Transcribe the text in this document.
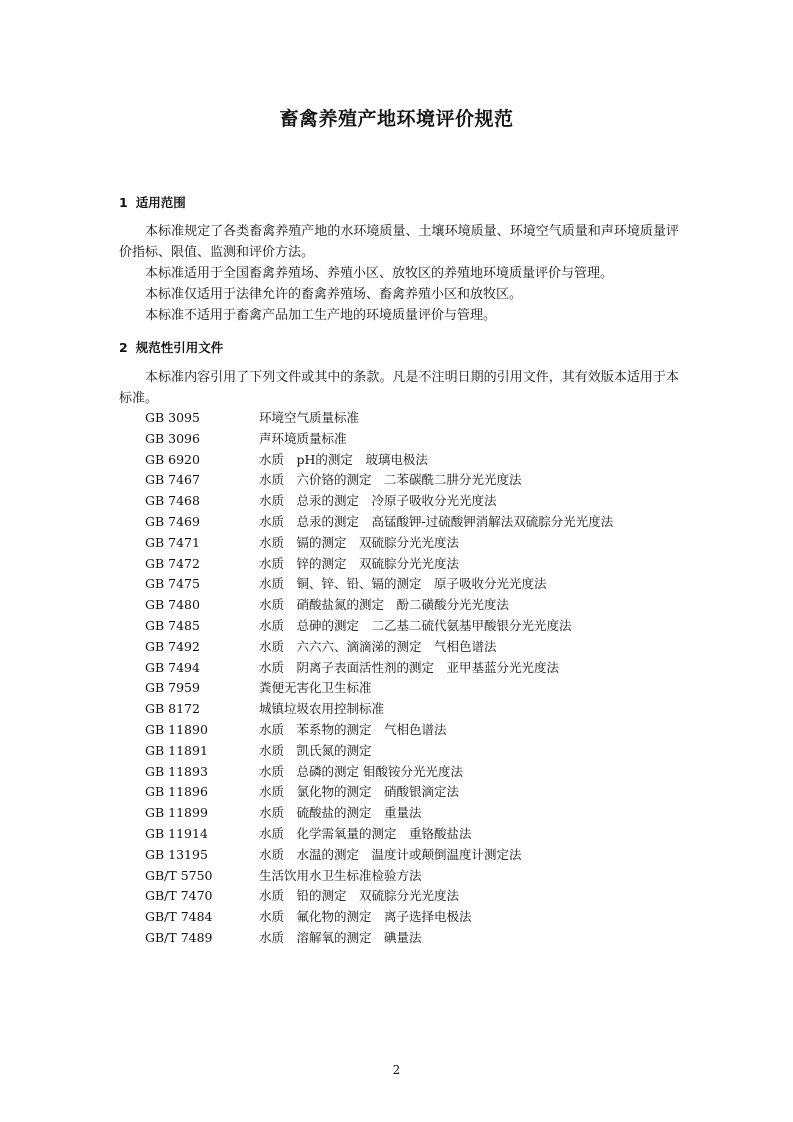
畜禽养殖产地环境评价规范
1 适用范围

本标准规定了各类畜禽养殖产地的水环境质量、土壤环境质量、环境空气质量和声环境质量评价指标、限值、监测和评价方法。

本标准适用于全国畜禽养殖场、养殖小区、放牧区的养殖地环境质量评价与管理。

本标准仅适用于法律允许的畜禽养殖场、畜禽养殖小区和放牧区。

本标准不适用于畜禽产品加工生产地的环境质量评价与管理。

2 规范性引用文件

本标准内容引用了下列文件或其中的条款。凡是不注明日期的引用文件，其有效版本适用于本标准。

GB 3095	环境空气质量标准
GB 3096	声环境质量标准
GB 6920	水质　pH的测定　玻璃电极法
GB 7467	水质　六价铬的测定　二苯碳酰二肼分光光度法
GB 7468	水质　总汞的测定　冷原子吸收分光光度法
GB 7469	水质　总汞的测定　高锰酸钾-过硫酸钾消解法双硫腙分光光度法
GB 7471	水质　镉的测定　双硫腙分光光度法
GB 7472	水质　锌的测定　双硫腙分光光度法
GB 7475	水质　铜、锌、铅、镉的测定　原子吸收分光光度法
GB 7480	水质　硝酸盐氮的测定　酚二磺酸分光光度法
GB 7485	水质　总砷的测定　二乙基二硫代氨基甲酸银分光光度法
GB 7492	水质　六六六、滴滴涕的测定　气相色谱法
GB 7494	水质　阴离子表面活性剂的测定　亚甲基蓝分光光度法
GB 7959	粪便无害化卫生标准
GB 8172	城镇垃圾农用控制标准
GB 11890	水质　苯系物的测定　气相色谱法
GB 11891	水质　凯氏氮的测定
GB 11893	水质　总磷的测定 钼酸铵分光光度法
GB 11896	水质　氯化物的测定　硝酸银滴定法
GB 11899	水质　硫酸盐的测定　重量法
GB 11914	水质　化学需氧量的测定　重铬酸盐法
GB 13195	水质　水温的测定　温度计或颠倒温度计测定法
GB/T 5750	生活饮用水卫生标准检验方法
GB/T 7470	水质　铅的测定　双硫腙分光光度法
GB/T 7484	水质　氟化物的测定　离子选择电极法
GB/T 7489	水质　溶解氧的测定　碘量法
2
